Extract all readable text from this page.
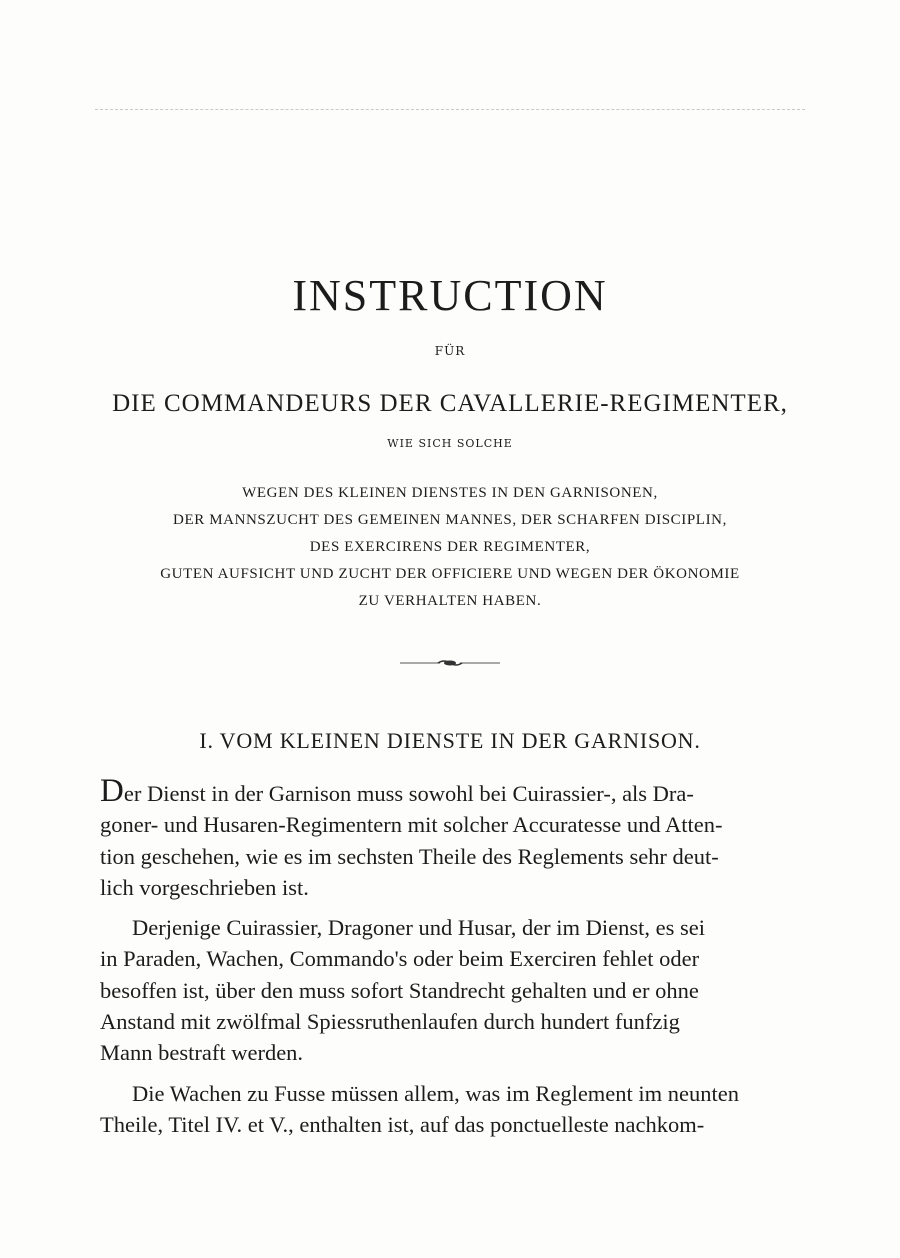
INSTRUCTION
FÜR
DIE COMMANDEURS DER CAVALLERIE-REGIMENTER,
WIE SICH SOLCHE
WEGEN DES KLEINEN DIENSTES IN DEN GARNISONEN,
DER MANNSZUCHT DES GEMEINEN MANNES, DER SCHARFEN DISCIPLIN,
DES EXERCIRENS DER REGIMENTER,
GUTEN AUFSICHT UND ZUCHT DER OFFICIERE UND WEGEN DER ÖKONOMIE
ZU VERHALTEN HABEN.
I. VOM KLEINEN DIENSTE IN DER GARNISON.
Der Dienst in der Garnison muss sowohl bei Cuirassier-, als Dra-
goner- und Husaren-Regimentern mit solcher Accuratesse und Atten-
tion geschehen, wie es im sechsten Theile des Reglements sehr deut-
lich vorgeschrieben ist.
Derjenige Cuirassier, Dragoner und Husar, der im Dienst, es sei
in Paraden, Wachen, Commando's oder beim Exerciren fehlet oder
besoffen ist, über den muss sofort Standrecht gehalten und er ohne
Anstand mit zwölfmal Spiessruthenlaufen durch hundert funfzig
Mann bestraft werden.
Die Wachen zu Fusse müssen allem, was im Reglement im neunten
Theile, Titel IV. et V., enthalten ist, auf das ponctuelleste nachkom-
